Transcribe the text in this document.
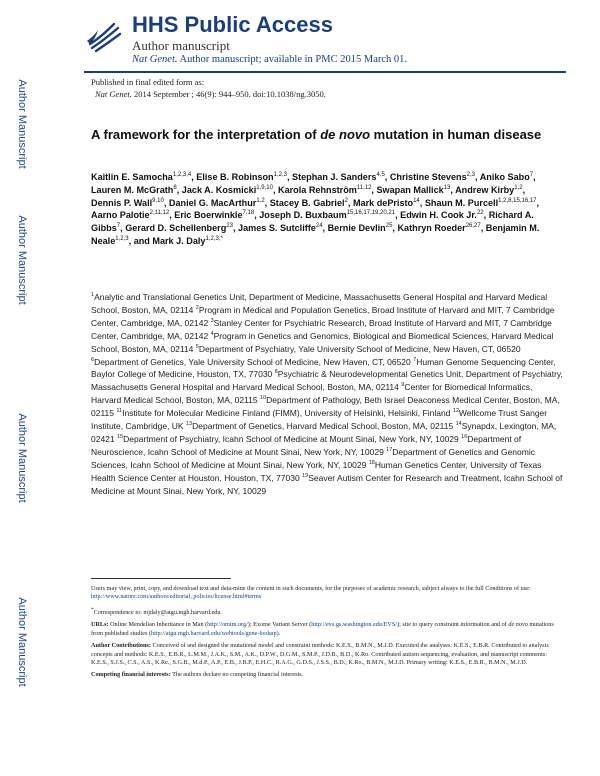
Author Manuscript
Author Manuscript
Author Manuscript
Author Manuscript
HHS Public Access
Author manuscript
Nat Genet. Author manuscript; available in PMC 2015 March 01.
Published in final edited form as:
Nat Genet. 2014 September ; 46(9): 944–950. doi:10.1038/ng.3050.
A framework for the interpretation of de novo mutation in human disease
Kaitlin E. Samocha$^{1,2,3,4}$, Elise B. Robinson$^{1,2,3}$, Stephan J. Sanders$^{4,5}$, Christine Stevens$^{2,3}$, Aniko Sabo$^7$, Lauren M. McGrath$^8$, Jack A. Kosmicki$^{1,9,10}$, Karola Rehnström$^{11,12}$, Swapan Mallick$^{13}$, Andrew Kirby$^{1,2}$, Dennis P. Wall$^{9,10}$, Daniel G. MacArthur$^{1,2}$, Stacey B. Gabriel$^2$, Mark dePristo$^{14}$, Shaun M. Purcell$^{1,2,8,15,16,17}$, Aarno Palotie$^{2,11,12}$, Eric Boerwinkle$^{7,18}$, Joseph D. Buxbaum$^{15,16,17,19,20,21}$, Edwin H. Cook Jr.$^{22}$, Richard A. Gibbs$^7$, Gerard D. Schellenberg$^{23}$, James S. Sutcliffe$^{24}$, Bernie Devlin$^{25}$, Kathryn Roeder$^{26,27}$, Benjamin M. Neale$^{1,2,3}$, and Mark J. Daly$^{1,2,3,*}$
$^1$Analytic and Translational Genetics Unit, Department of Medicine, Massachusetts General Hospital and Harvard Medical School, Boston, MA, 02114 $^2$Program in Medical and Population Genetics, Broad Institute of Harvard and MIT, 7 Cambridge Center, Cambridge, MA, 02142 $^3$Stanley Center for Psychiatric Research, Broad Institute of Harvard and MIT, 7 Cambridge Center, Cambridge, MA, 02142 $^4$Program in Genetics and Genomics, Biological and Biomedical Sciences, Harvard Medical School, Boston, MA, 02114 $^5$Department of Psychiatry, Yale University School of Medicine, New Haven, CT, 06520 $^6$Department of Genetics, Yale University School of Medicine, New Haven, CT, 06520 $^7$Human Genome Sequencing Center, Baylor College of Medicine, Houston, TX, 77030 $^8$Psychiatric & Neurodevelopmental Genetics Unit, Department of Psychiatry, Massachusetts General Hospital and Harvard Medical School, Boston, MA, 02114 $^9$Center for Biomedical Informatics, Harvard Medical School, Boston, MA, 02115 $^{10}$Department of Pathology, Beth Israel Deaconess Medical Center, Boston, MA, 02115 $^{11}$Institute for Molecular Medicine Finland (FIMM), University of Helsinki, Helsinki, Finland $^{12}$Wellcome Trust Sanger Institute, Cambridge, UK $^{13}$Department of Genetics, Harvard Medical School, Boston, MA, 02115 $^{14}$Synapdx, Lexington, MA, 02421 $^{15}$Department of Psychiatry, Icahn School of Medicine at Mount Sinai, New York, NY, 10029 $^{16}$Department of Neuroscience, Icahn School of Medicine at Mount Sinai, New York, NY, 10029 $^{17}$Department of Genetics and Genomic Sciences, Icahn School of Medicine at Mount Sinai, New York, NY, 10029 $^{18}$Human Genetics Center, University of Texas Health Science Center at Houston, Houston, TX, 77030 $^{19}$Seaver Autism Center for Research and Treatment, Icahn School of Medicine at Mount Sinai, New York, NY, 10029

Users may view, print, copy, and download text and data-mine the content in such documents, for the purposes of academic research, subject always to the full Conditions of use: http://www.nature.com/authors/editorial_policies/license.html#terms

*Correspondence to: mjdaly@atgu.mgh.harvard.edu.

URLs: Online Mendelian Inheritance in Man (http://omim.org/); Exome Variant Server (http://evs.gs.washington.edu/EVS/); site to query constraint information and of de novo mutations from published studies (http://atgu.mgh.harvard.edu/webtools/gene-lookup).

Author Contributions: Conceived of and designed the mutational model and constraint methods: K.E.S., B.M.N., M.J.D. Executed the analyses: K.E.S., E.B.R. Contributed to analysis concepts and methods: K.E.S., E.B.R., L.M.M., J.A.K., S.M., A.K., D.P.W., D.G.M., S.M.P., J.D.B., B.D., K.Ro. Contributed autism sequencing, evaluation, and manuscript comments: K.E.S., S.J.S., C.S., A.S., K.Re., S.G.B., M.d.P., A.P., E.B., J.B.P., E.H.C., R.A.G., G.D.S., J.S.S., B.D., K.Ro., B.M.N., M.J.D. Primary writing: K.E.S., E.B.R., B.M.N., M.J.D.

Competing financial interests: The authors declare no competing financial interests.
